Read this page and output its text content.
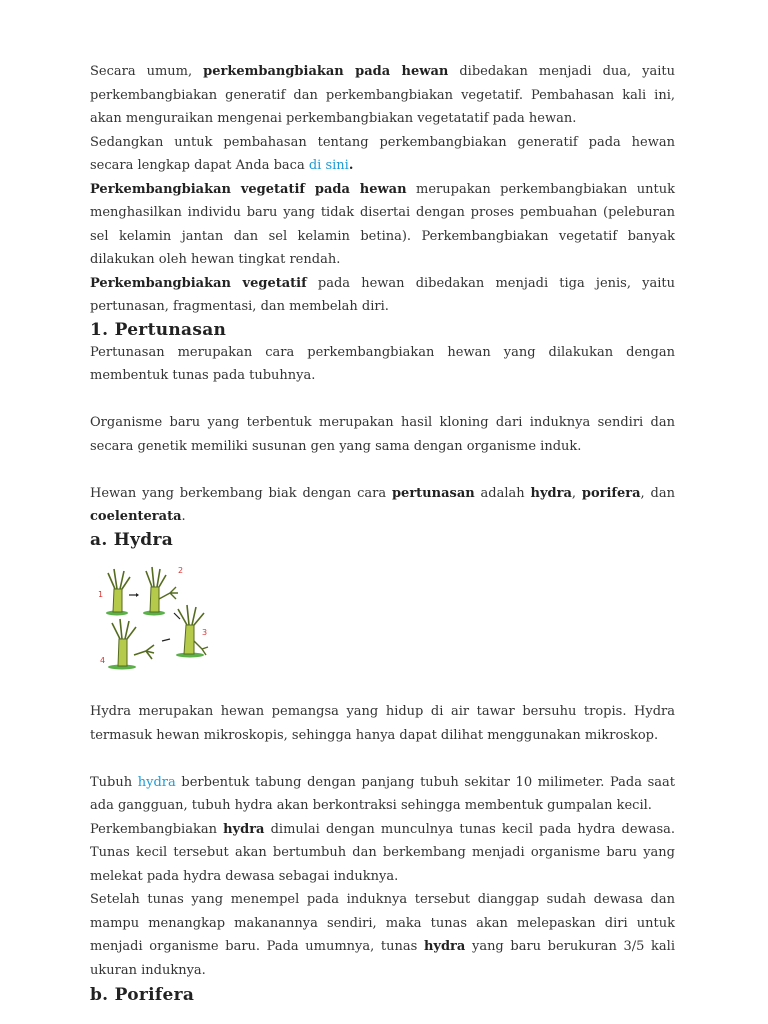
Secara umum, perkembangbiakan pada hewan dibedakan menjadi dua, yaitu perkembangbiakan generatif dan perkembangbiakan vegetatif. Pembahasan kali ini, akan menguraikan mengenai perkembangbiakan vegetatatif pada hewan.

Sedangkan untuk pembahasan tentang perkembangbiakan generatif pada hewan secara lengkap dapat Anda baca di sini.

Perkembangbiakan vegetatif pada hewan merupakan perkembangbiakan untuk menghasilkan individu baru yang tidak disertai dengan proses pembuahan (peleburan sel kelamin jantan dan sel kelamin betina). Perkembangbiakan vegetatif banyak dilakukan oleh hewan tingkat rendah.

Perkembangbiakan vegetatif pada hewan dibedakan menjadi tiga jenis, yaitu pertunasan, fragmentasi, dan membelah diri.

1. Pertunasan

Pertunasan merupakan cara perkembangbiakan hewan yang dilakukan dengan membentuk tunas pada tubuhnya.

Organisme baru yang terbentuk merupakan hasil kloning dari induknya sendiri dan secara genetik memiliki susunan gen yang sama dengan organisme induk.

Hewan yang berkembang biak dengan cara pertunasan adalah hydra, porifera, dan coelenterata.

a. Hydra
1
2
3
4

Hydra merupakan hewan pemangsa yang hidup di air tawar bersuhu tropis. Hydra termasuk hewan mikroskopis, sehingga hanya dapat dilihat menggunakan mikroskop.

Tubuh hydra berbentuk tabung dengan panjang tubuh sekitar 10 milimeter. Pada saat ada gangguan, tubuh hydra akan berkontraksi sehingga membentuk gumpalan kecil.

Perkembangbiakan hydra dimulai dengan munculnya tunas kecil pada hydra dewasa. Tunas kecil tersebut akan bertumbuh dan berkembang menjadi organisme baru yang melekat pada hydra dewasa sebagai induknya.

Setelah tunas yang menempel pada induknya tersebut dianggap sudah dewasa dan mampu menangkap makanannya sendiri, maka tunas akan melepaskan diri untuk menjadi organisme baru. Pada umumnya, tunas hydra yang baru berukuran 3/5 kali ukuran induknya.

b. Porifera
